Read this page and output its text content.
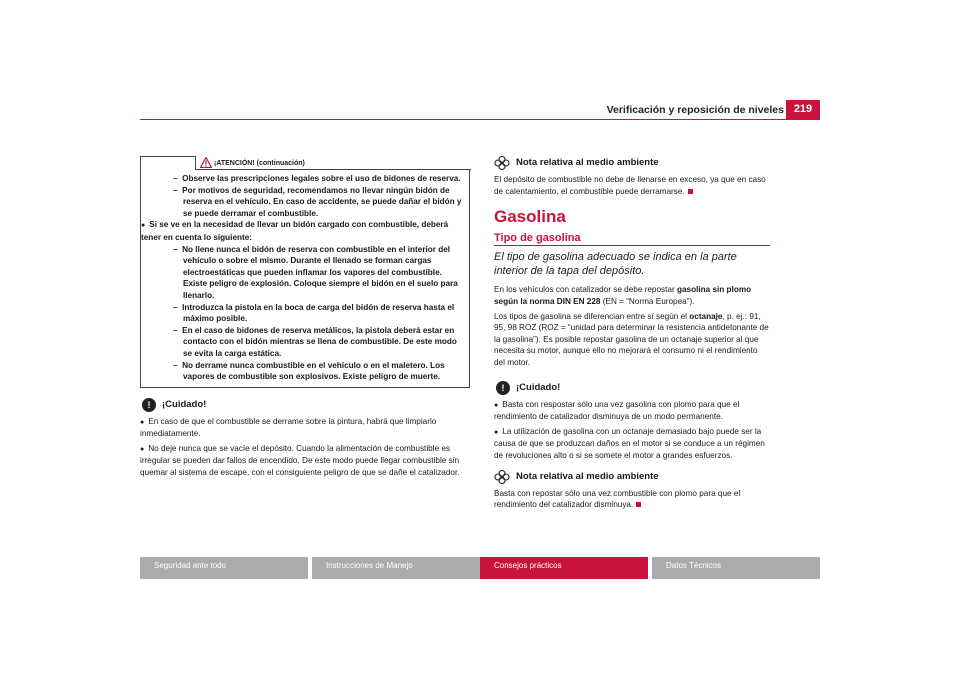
Verificación y reposición de niveles 219
¡ATENCIÓN! (continuación)

–  Observe las prescripciones legales sobre el uso de bidones de reserva.

–  Por motivos de seguridad, recomendamos no llevar ningún bidón de reserva en el vehículo. En caso de accidente, se puede dañar el bidón y se puede derramar el combustible.

● Si se ve en la necesidad de llevar un bidón cargado con combustible, deberá tener en cuenta lo siguiente:

–  No llene nunca el bidón de reserva con combustible en el interior del vehículo o sobre el mismo. Durante el llenado se forman cargas electroestáticas que pueden inflamar los vapores del combustible. Existe peligro de explosión. Coloque siempre el bidón en el suelo para llenarlo.

–  Introduzca la pistola en la boca de carga del bidón de reserva hasta el máximo posible.

–  En el caso de bidones de reserva metálicos, la pistola deberá estar en contacto con el bidón mientras se llena de combustible. De este modo se evita la carga estática.

–  No derrame nunca combustible en el vehículo o en el maletero. Los vapores de combustible son explosivos. Existe peligro de muerte.

!	¡Cuidado!

● En caso de que el combustible se derrame sobre la pintura, habrá que limpiarlo inmediatamente.

● No deje nunca que se vacíe el depósito. Cuando la alimentación de combustible es irregular se pueden dar fallos de encendido. De este modo puede llegar combustible sin quemar al sistema de escape, con el consiguiente peligro de que se dañe el catalizador.

Nota relativa al medio ambiente

El depósito de combustible no debe de llenarse en exceso, ya que en caso de calentamiento, el combustible puede derramarse.

Gasolina
Tipo de gasolina

El tipo de gasolina adecuado se indica en la parte interior de la tapa del depósito.

En los vehículos con catalizador se debe repostar gasolina sin plomo según la norma DIN EN 228 (EN = “Norma Europea”).

Los tipos de gasolina se diferencian entre sí según el octanaje, p. ej.: 91, 95, 98 ROZ (ROZ = “unidad para determinar la resistencia antidetonante de la gasolina”). Es posible repostar gasolina de un octanaje superior al que necesita su motor, aunque ello no mejorará el consumo ni el rendimiento del motor.

!	¡Cuidado!

● Basta con respostar sólo una vez gasolina con plomo para que el rendimiento de catalizador disminuya de un modo permanente.

● La utilización de gasolina con un octanaje demasiado bajo puede ser la causa de que se produzcan daños en el motor si se conduce a un régimen de revoluciones alto o si se somete el motor a grandes esfuerzos.

Nota relativa al medio ambiente

Basta con repostar sólo una vez combustible con plomo para que el rendimiento del catalizador disminuya.

Seguridad ante todo	Instrucciones de Manejo	Consejos prácticos	Datos Técnicos
